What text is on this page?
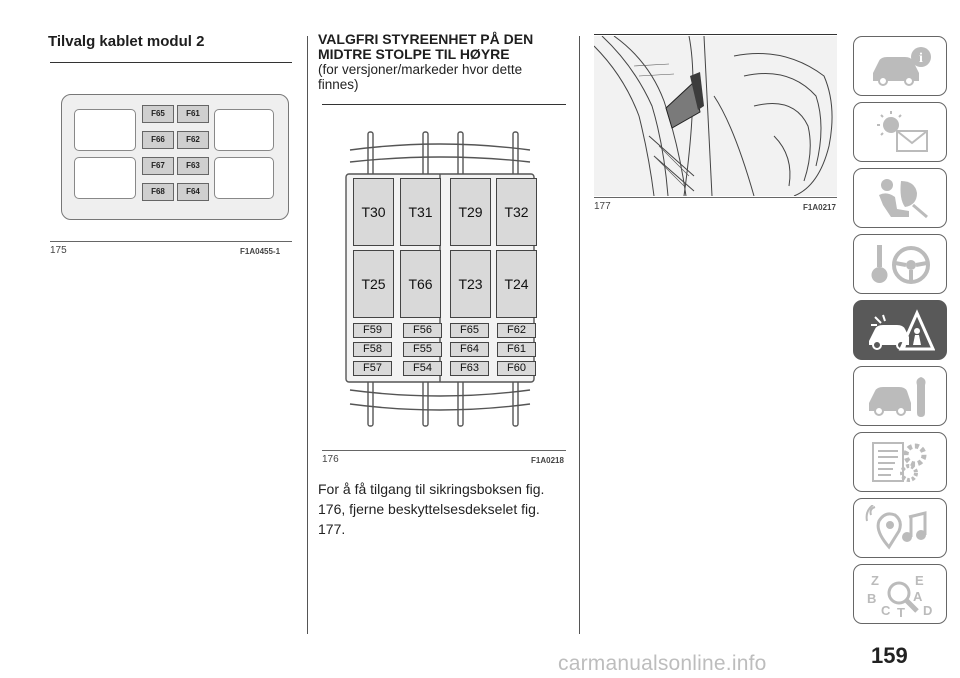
Tilvalg kablet modul 2
F65	F61
F66	F62
F67	F63
F68	F64
175	F1A0455-1
VALGFRI STYREENHET PÅ DEN
MIDTRE STOLPE TIL HØYRE
(for versjoner/markeder hvor dette
finnes)
T30	T31	T29	T32
T25	T66	T23	T24
F59	F56	F65	F62
F58	F55	F64	F61
F57	F54	F63	F60
176	F1A0218
For å få tilgang til sikringsboksen fig.
176, fjerne beskyttelsesdekselet fig.
177.
177	F1A0217
i
Z	E
B	A
C	D
T
159
carmanualsonline.info
